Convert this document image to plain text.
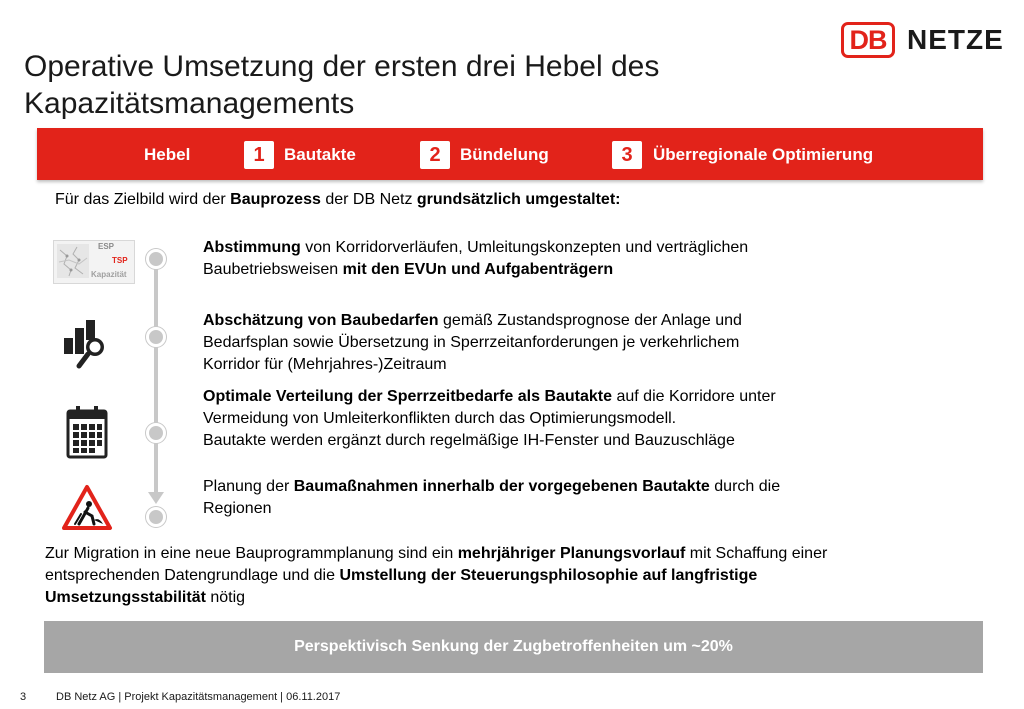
Operative Umsetzung der ersten drei Hebel des
Kapazitätsmanagements
DB NETZE
Hebel	1	Bautakte	2	Bündelung	3	Überregionale Optimierung
Für das Zielbild wird der Bauprozess der DB Netz grundsätzlich umgestaltet:
ESP
TSP
Kapazität
Abstimmung von Korridorverläufen, Umleitungskonzepten und verträglichen
Baubetriebsweisen mit den EVUn und Aufgabenträgern
Abschätzung von Baubedarfen gemäß Zustandsprognose der Anlage und
Bedarfsplan sowie Übersetzung in Sperrzeitanforderungen je verkehrlichem
Korridor für (Mehrjahres-)Zeitraum
Optimale Verteilung der Sperrzeitbedarfe als Bautakte auf die Korridore unter
Vermeidung von Umleiterkonflikten durch das Optimierungsmodell.
Bautakte werden ergänzt durch regelmäßige IH-Fenster und Bauzuschläge
Planung der Baumaßnahmen innerhalb der vorgegebenen Bautakte durch die
Regionen
Zur Migration in eine neue Bauprogrammplanung sind ein mehrjähriger Planungsvorlauf mit Schaffung einer
entsprechenden Datengrundlage und die Umstellung der Steuerungsphilosophie auf langfristige
Umsetzungsstabilität nötig
Perspektivisch Senkung der Zugbetroffenheiten um ~20%
3	DB Netz AG | Projekt Kapazitätsmanagement | 06.11.2017
